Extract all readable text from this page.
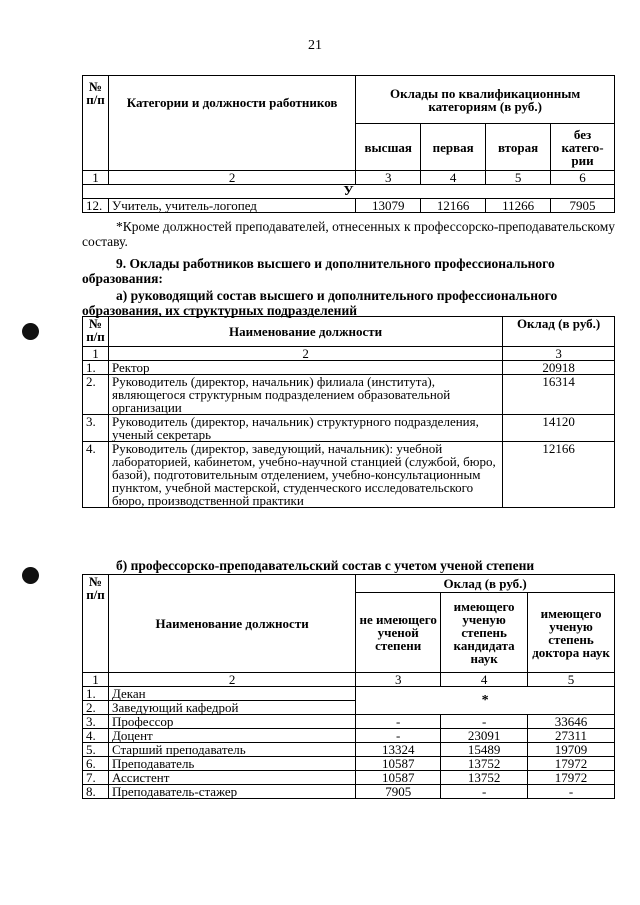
21
№ п/п	Категории и должности работников	Оклады по квалификационным категориям (в руб.)			
		высшая	первая	вторая	без катего-рии
1	2	3	4	5	6
У					
12.	Учитель, учитель-логопед	13079	12166	11266	7905

*Кроме должностей преподавателей, отнесенных к профессорско-преподавательскому составу.

9. Оклады работников высшего и дополнительного профессионального образования:

а) руководящий состав высшего и дополнительного профессионального образования, их структурных подразделений

№ п/п	Наименование должности	Оклад (в руб.)
1	2	3
1.	Ректор	20918
2.	Руководитель (директор, начальник) филиала (института), являющегося структурным подразделением образовательной организации	16314
3.	Руководитель (директор, начальник) структурного подразделения, ученый секретарь	14120
4.	Руководитель (директор, заведующий, начальник): учебной лабораторией, кабинетом, учебно-научной станцией (службой, бюро, базой), подготовительным отделением, учебно-консультационным пунктом, учебной мастерской, студенческого исследовательского бюро, производственной практики	12166

б) профессорско-преподавательский состав с учетом ученой степени

№ п/п	Наименование должности	Оклад (в руб.)		
		не имеющего ученой степени	имеющего ученую степень кандидата наук	имеющего ученую степень доктора наук
1	2	3	4	5
1.	Декан	*		
2.	Заведующий кафедрой			
3.	Профессор	-	-	33646
4.	Доцент	-	23091	27311
5.	Старший преподаватель	13324	15489	19709
6.	Преподаватель	10587	13752	17972
7.	Ассистент	10587	13752	17972
8.	Преподаватель-стажер	7905	-	-
